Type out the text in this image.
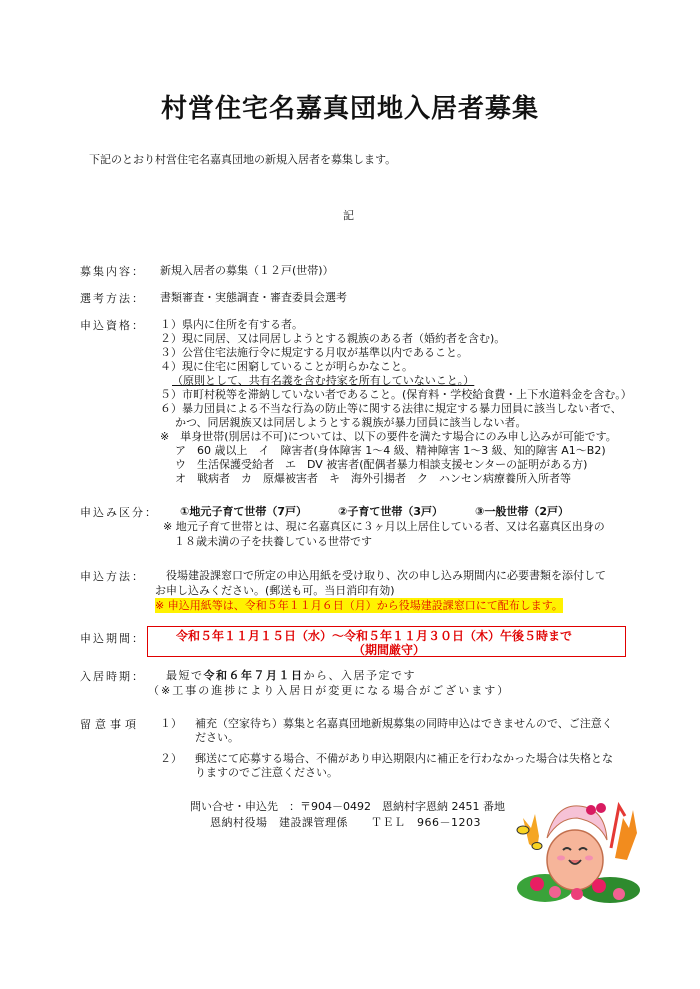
村営住宅名嘉真団地入居者募集
下記のとおり村営住宅名嘉真団地の新規入居者を募集します。
記
募集内容： 新規入居者の募集（１２戸(世帯)）
選考方法： 書類審査・実態調査・審査委員会選考
申込資格： １）県内に住所を有する者。
２）現に同居、又は同居しようとする親族のある者（婚約者を含む)。
３）公営住宅法施行令に規定する月収が基準以内であること。
４）現に住宅に困窮していることが明らかなこと。
（原則として、共有名義を含む持家を所有していないこと。）
５）市町村税等を滞納していない者であること。(保育料・学校給食費・上下水道料金を含む。）
６）暴力団員による不当な行為の防止等に関する法律に規定する暴力団員に該当しない者で、
かつ、同居親族又は同居しようとする親族が暴力団員に該当しない者。
※　単身世帯(別居は不可)については、以下の要件を満たす場合にのみ申し込みが可能です。
ア　60 歳以上　イ　障害者(身体障害 1～4 級、精神障害 1～3 級、知的障害 A1～B2)
ウ　生活保護受給者　エ　DV 被害者(配偶者暴力相談支援センターの証明がある方)
オ　戦病者　カ　原爆被害者　キ　海外引揚者　ク　ハンセン病療養所入所者等
申込み区分： ①地元子育て世帯（7戸）	②子育て世帯（3戸）	③一般世帯（2戸）
※ 地元子育て世帯とは、現に名嘉真区に３ヶ月以上居住している者、又は名嘉真区出身の
１８歳未満の子を扶養している世帯です
申込方法： 役場建設課窓口で所定の申込用紙を受け取り、次の申し込み期間内に必要書類を添付して
お申し込みください。(郵送も可。当日消印有効)
※ 申込用紙等は、令和５年１１月６日（月）から役場建設課窓口にて配布します。
申込期間：	令和５年１１月１５日（水）～令和５年１１月３０日（木）午後５時まで
（期間厳守）
入居時期： 最短で令和６年７月１日から、入居予定です
（※工事の進捗により入居日が変更になる場合がございます）
留意事項 １） 補充（空家待ち）募集と名嘉真団地新規募集の同時申込はできませんので、ご注意く
ださい。
２） 郵送にて応募する場合、不備があり申込期限内に補正を行わなかった場合は失格とな
りますのでご注意ください。
問い合せ・申込先　：〒904－0492　恩納村字恩納 2451 番地
恩納村役場　建設課管理係　　ＴＥＬ　966－1203
